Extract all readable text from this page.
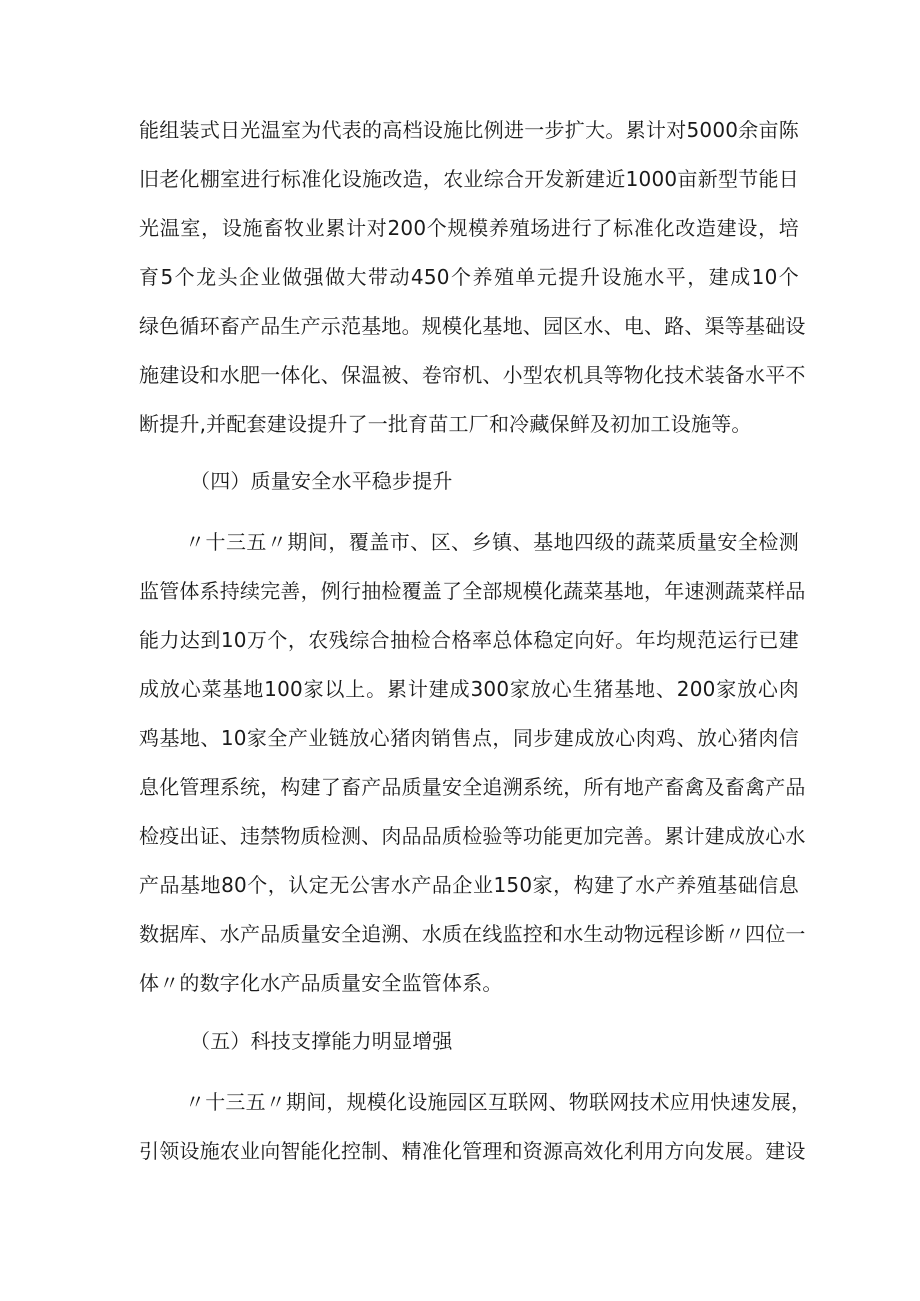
能组装式日光温室为代表的高档设施比例进一步扩大。累计对5000余亩陈
旧老化棚室进行标准化设施改造，农业综合开发新建近1000亩新型节能日
光温室，设施畜牧业累计对200个规模养殖场进行了标准化改造建设，培
育5个龙头企业做强做大带动450个养殖单元提升设施水平，建成10个
绿色循环畜产品生产示范基地。规模化基地、园区水、电、路、渠等基础设
施建设和水肥一体化、保温被、卷帘机、小型农机具等物化技术装备水平不
断提升,并配套建设提升了一批育苗工厂和冷藏保鲜及初加工设施等。
（四）质量安全水平稳步提升
〃十三五〃期间，覆盖市、区、乡镇、基地四级的蔬菜质量安全检测
监管体系持续完善，例行抽检覆盖了全部规模化蔬菜基地，年速测蔬菜样品
能力达到10万个，农残综合抽检合格率总体稳定向好。年均规范运行已建
成放心菜基地100家以上。累计建成300家放心生猪基地、200家放心肉
鸡基地、10家全产业链放心猪肉销售点，同步建成放心肉鸡、放心猪肉信
息化管理系统，构建了畜产品质量安全追溯系统，所有地产畜禽及畜禽产品
检疫出证、违禁物质检测、肉品品质检验等功能更加完善。累计建成放心水
产品基地80个，认定无公害水产品企业150家，构建了水产养殖基础信息
数据库、水产品质量安全追溯、水质在线监控和水生动物远程诊断〃四位一
体〃的数字化水产品质量安全监管体系。
（五）科技支撑能力明显增强
〃十三五〃期间，规模化设施园区互联网、物联网技术应用快速发展，
引领设施农业向智能化控制、精准化管理和资源高效化利用方向发展。建设
